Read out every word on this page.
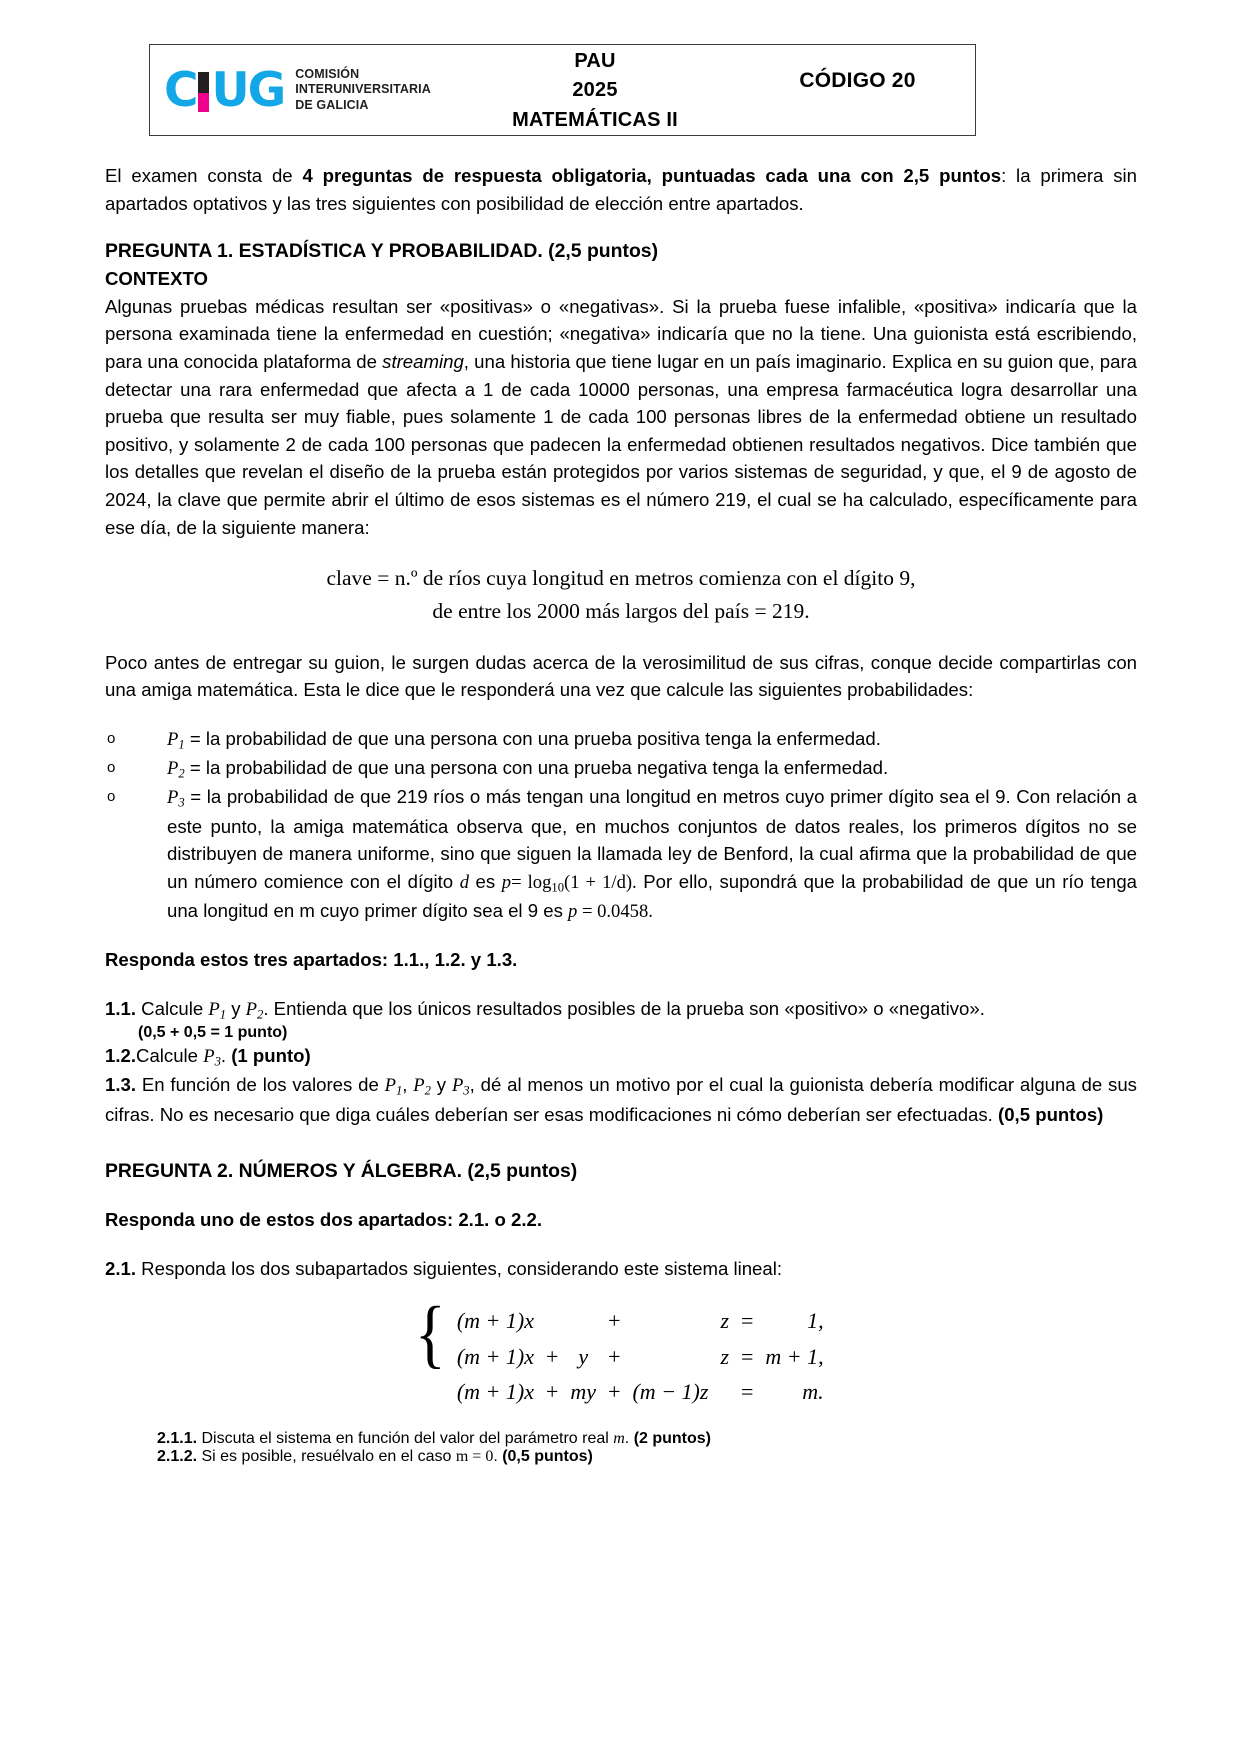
C U G COMISIÓN
INTERUNIVERSITARIA
DE GALICIA
PAU
2025
MATEMÁTICAS II
CÓDIGO 20

El examen consta de 4 preguntas de respuesta obligatoria, puntuadas cada una con 2,5 puntos: la primera sin apartados optativos y las tres siguientes con posibilidad de elección entre apartados.

PREGUNTA 1. ESTADÍSTICA Y PROBABILIDAD. (2,5 puntos)
CONTEXTO

Algunas pruebas médicas resultan ser «positivas» o «negativas». Si la prueba fuese infalible, «positiva» indicaría que la persona examinada tiene la enfermedad en cuestión; «negativa» indicaría que no la tiene. Una guionista está escribiendo, para una conocida plataforma de streaming, una historia que tiene lugar en un país imaginario. Explica en su guion que, para detectar una rara enfermedad que afecta a 1 de cada 10000 personas, una empresa farmacéutica logra desarrollar una prueba que resulta ser muy fiable, pues solamente 1 de cada 100 personas libres de la enfermedad obtiene un resultado positivo, y solamente 2 de cada 100 personas que padecen la enfermedad obtienen resultados negativos. Dice también que los detalles que revelan el diseño de la prueba están protegidos por varios sistemas de seguridad, y que, el 9 de agosto de 2024, la clave que permite abrir el último de esos sistemas es el número 219, el cual se ha calculado, específicamente para ese día, de la siguiente manera:

clave = n.º de ríos cuya longitud en metros comienza con el dígito 9,
de entre los 2000 más largos del país = 219.

Poco antes de entregar su guion, le surgen dudas acerca de la verosimilitud de sus cifras, conque decide compartirlas con una amiga matemática. Esta le dice que le responderá una vez que calcule las siguientes probabilidades:

o	$P_1$ = la probabilidad de que una persona con una prueba positiva tenga la enfermedad.
o	$P_2$ = la probabilidad de que una persona con una prueba negativa tenga la enfermedad.
o	$P_3$ = la probabilidad de que 219 ríos o más tengan una longitud en metros cuyo primer dígito sea el 9. Con relación a este punto, la amiga matemática observa que, en muchos conjuntos de datos reales, los primeros dígitos no se distribuyen de manera uniforme, sino que siguen la llamada ley de Benford, la cual afirma que la probabilidad de que un número comience con el dígito d es $p= \log_{10}(1 + 1/d)$. Por ello, supondrá que la probabilidad de que un río tenga una longitud en m cuyo primer dígito sea el 9 es p = 0.0458.
Responda estos tres apartados: 1.1., 1.2. y 1.3.

1.1. Calcule $P_1$ y $P_2$. Entienda que los únicos resultados posibles de la prueba son «positivo» o «negativo».

(0,5 + 0,5 = 1 punto)

1.2.Calcule $P_3$. (1 punto)

1.3. En función de los valores de $P_1$, $P_2$ y $P_3$, dé al menos un motivo por el cual la guionista debería modificar alguna de sus cifras. No es necesario que diga cuáles deberían ser esas modificaciones ni cómo deberían ser efectuadas. (0,5 puntos)

PREGUNTA 2. NÚMEROS Y ÁLGEBRA. (2,5 puntos)
Responda uno de estos dos apartados: 2.1. o 2.2.

2.1. Responda los dos subapartados siguientes, considerando este sistema lineal:

{ (m + 1)x			+		z	=	1,
(m + 1)x	+	y	+		z	=	m + 1,
(m + 1)x	+	my	+	(m − 1)z		=	m.
2.1.1. Discuta el sistema en función del valor del parámetro real m. (2 puntos)
2.1.2. Si es posible, resuélvalo en el caso m = 0. (0,5 puntos)
